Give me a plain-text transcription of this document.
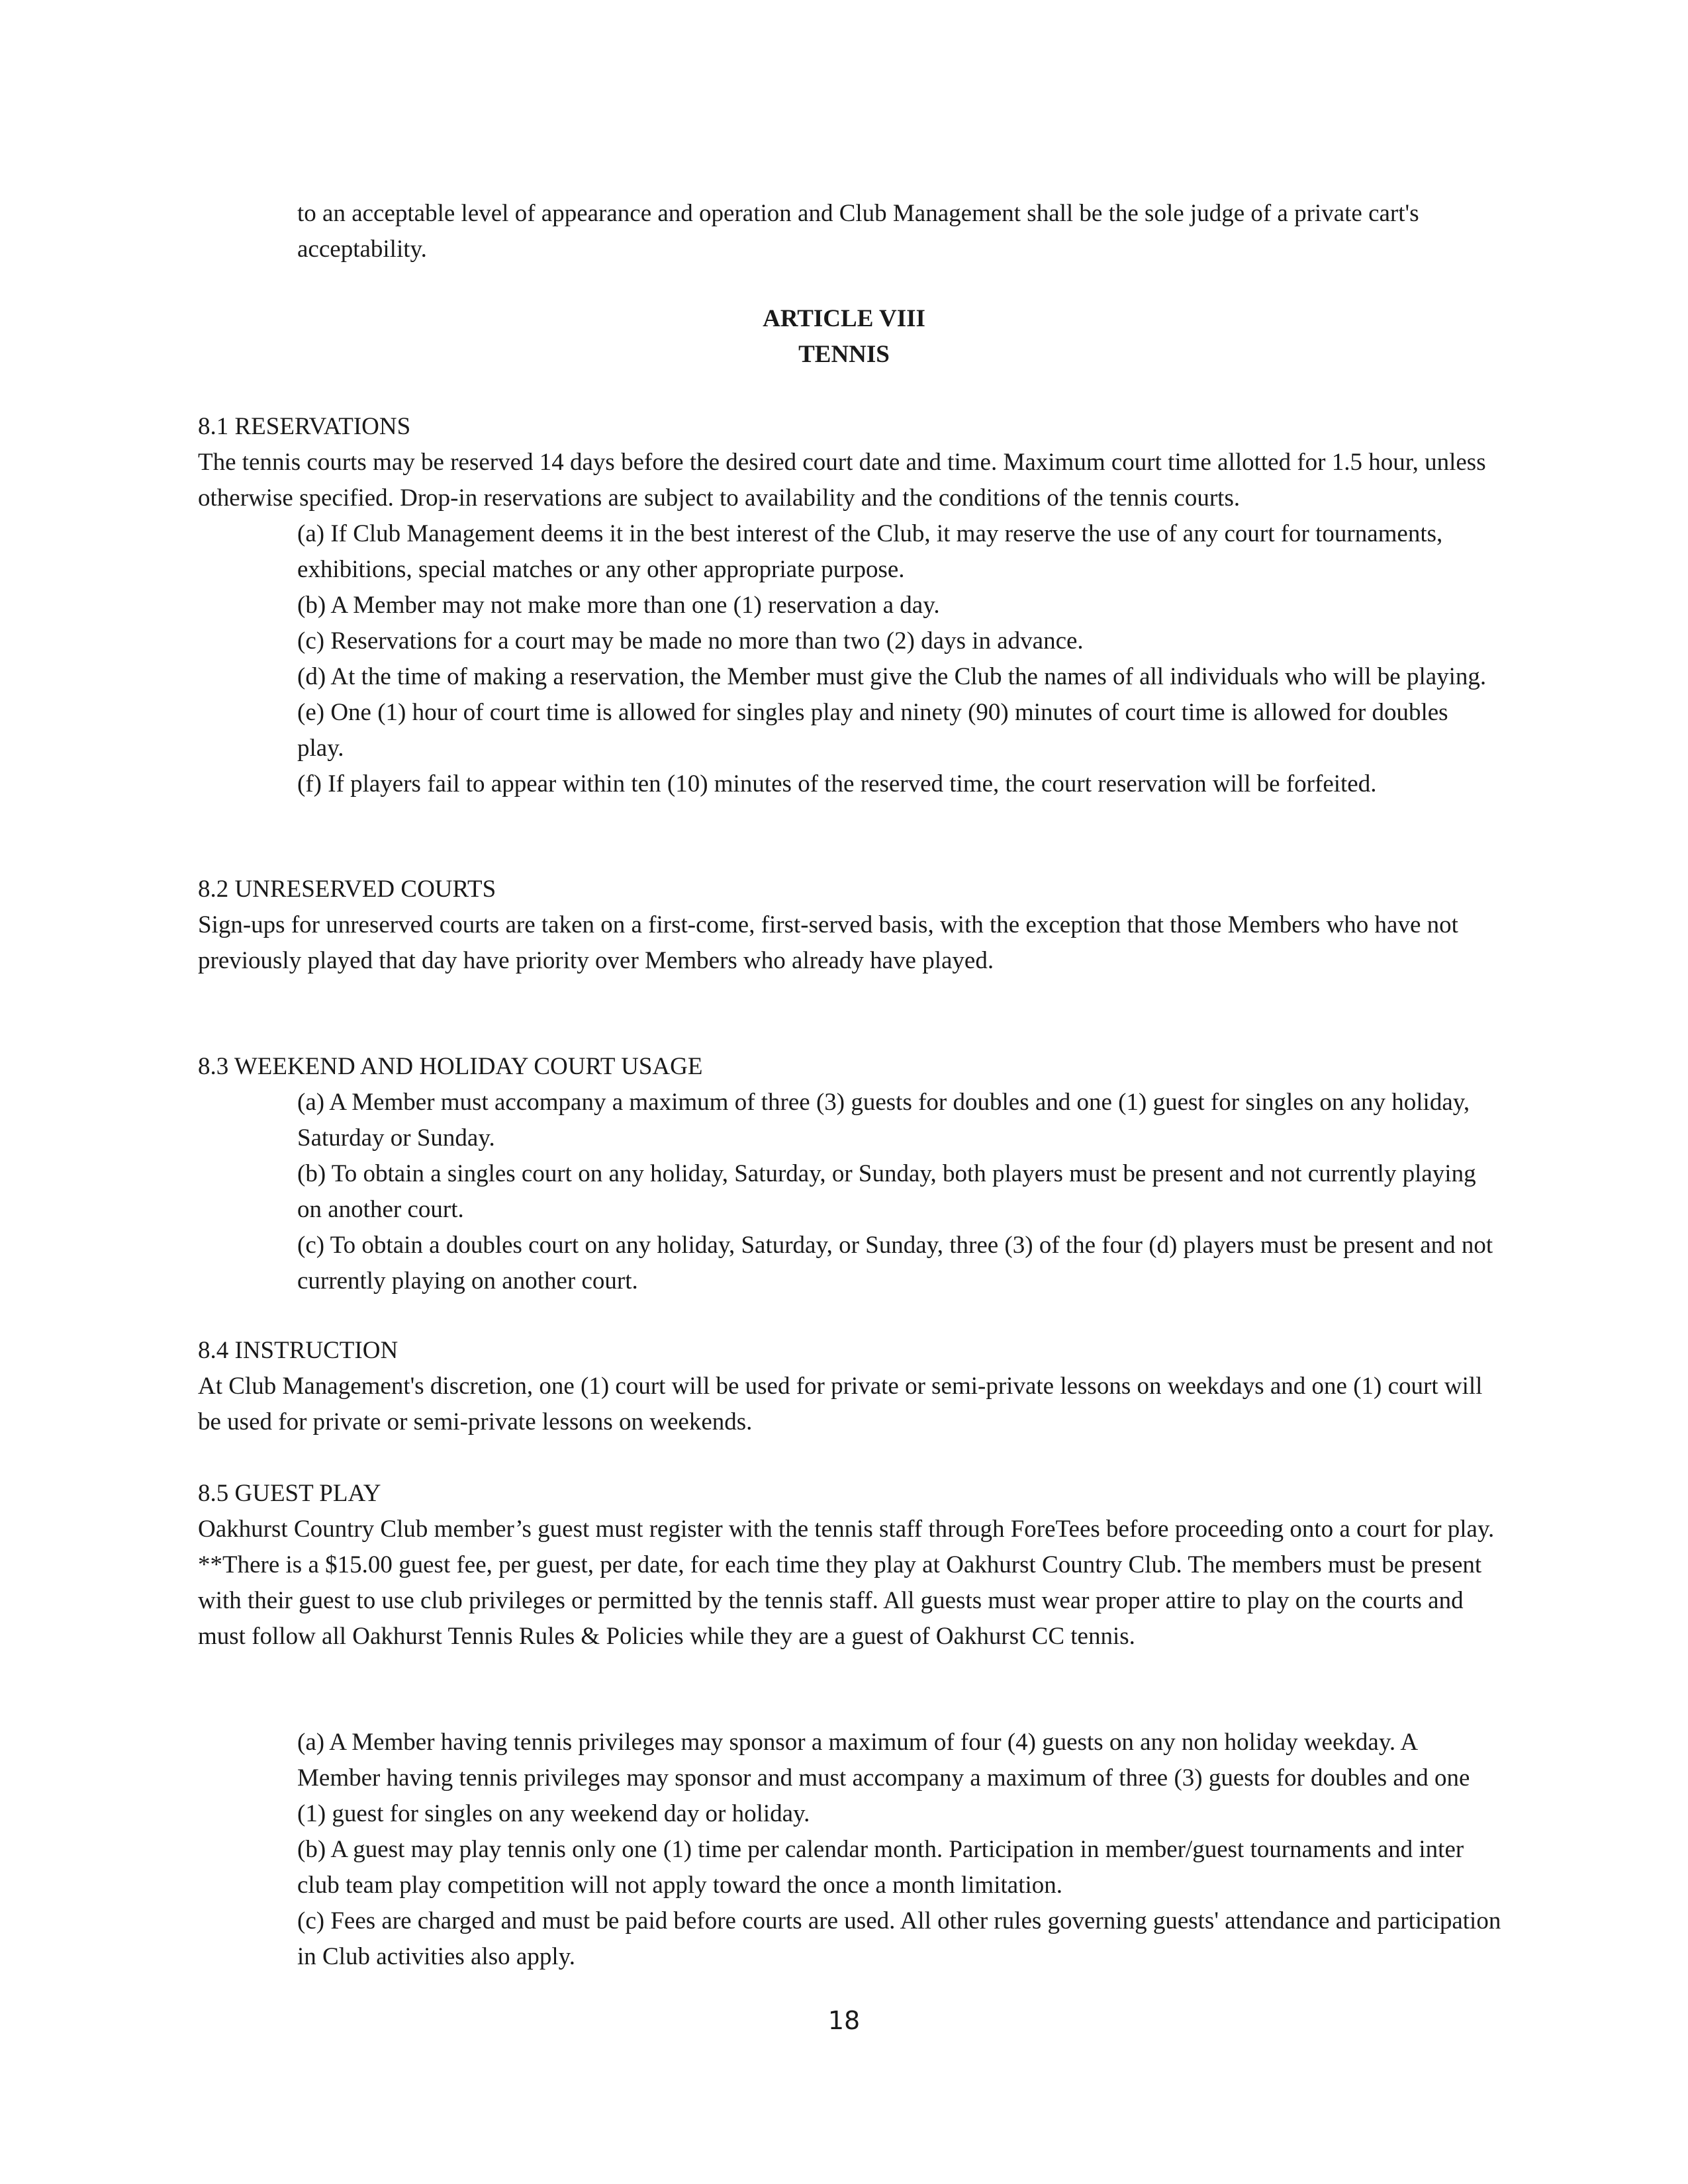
to an acceptable level of appearance and operation and Club Management shall be the sole judge of a private cart's acceptability.
ARTICLE VIII
TENNIS
8.1 RESERVATIONS
The tennis courts may be reserved 14 days before the desired court date and time. Maximum court time allotted for 1.5 hour, unless otherwise specified. Drop-in reservations are subject to availability and the conditions of the tennis courts.
(a) If Club Management deems it in the best interest of the Club, it may reserve the use of any court for tournaments, exhibitions, special matches or any other appropriate purpose.
(b) A Member may not make more than one (1) reservation a day.
(c) Reservations for a court may be made no more than two (2) days in advance.
(d) At the time of making a reservation, the Member must give the Club the names of all individuals who will be playing.
(e) One (1) hour of court time is allowed for singles play and ninety (90) minutes of court time is allowed for doubles play.
(f) If players fail to appear within ten (10) minutes of the reserved time, the court reservation will be forfeited.
8.2 UNRESERVED COURTS
Sign-ups for unreserved courts are taken on a first-come, first-served basis, with the exception that those Members who have not previously played that day have priority over Members who already have played.
8.3 WEEKEND AND HOLIDAY COURT USAGE
(a) A Member must accompany a maximum of three (3) guests for doubles and one (1) guest for singles on any holiday, Saturday or Sunday.
(b) To obtain a singles court on any holiday, Saturday, or Sunday, both players must be present and not currently playing on another court.
(c) To obtain a doubles court on any holiday, Saturday, or Sunday, three (3) of the four (d) players must be present and not currently playing on another court.
8.4 INSTRUCTION
At Club Management's discretion, one (1) court will be used for private or semi-private lessons on weekdays and one (1) court will be used for private or semi-private lessons on weekends.
8.5 GUEST PLAY
Oakhurst Country Club member’s guest must register with the tennis staff through ForeTees before proceeding onto a court for play. **There is a $15.00 guest fee, per guest, per date, for each time they play at Oakhurst Country Club. The members must be present with their guest to use club privileges or permitted by the tennis staff. All guests must wear proper attire to play on the courts and must follow all Oakhurst Tennis Rules & Policies while they are a guest of Oakhurst CC tennis.
(a) A Member having tennis privileges may sponsor a maximum of four (4) guests on any non holiday weekday. A Member having tennis privileges may sponsor and must accompany a maximum of three (3) guests for doubles and one (1) guest for singles on any weekend day or holiday.
(b) A guest may play tennis only one (1) time per calendar month. Participation in member/guest tournaments and inter club team play competition will not apply toward the once a month limitation.
(c) Fees are charged and must be paid before courts are used. All other rules governing guests' attendance and participation in Club activities also apply.
18
